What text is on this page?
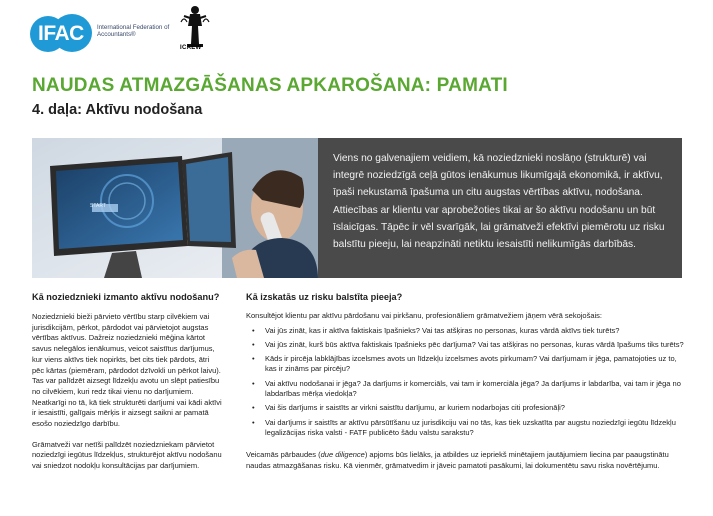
IFAC International Federation of Accountants®
ICAEW
NAUDAS ATMAZGĀŠANAS APKAROŠANA: PAMATI
4. daļa: Aktīvu nodošana
START

Viens no galvenajiem veidiem, kā noziedznieki noslāņo (strukturē) vai integrē noziedzīgā ceļā gūtos ienākumus likumīgajā ekonomikā, ir aktīvu, īpaši nekustamā īpašuma un citu augstas vērtības aktīvu, nodošana. Attiecības ar klientu var aprobežoties tikai ar šo aktīvu nodošanu un būt īslaicīgas. Tāpēc ir vēl svarīgāk, lai grāmatveži efektīvi piemērotu uz risku balstītu pieeju, lai neapzināti netiktu iesaistīti nelikumīgās darbībās.

Kā noziedznieki izmanto aktīvu nodošanu?

Noziedznieki bieži pārvieto vērtību starp cilvēkiem vai jurisdikcijām, pērkot, pārdodot vai pārvietojot augstas vērtības aktīvus. Dažreiz noziedznieki mēģina kārtot savus nelegālos ienākumus, veicot saistītus darījumus, kur viens aktīvs tiek nopirkts, bet cits tiek pārdots, ātri pēc kārtas (piemēram, pārdodot dzīvokli un pērkot laivu). Tas var palīdzēt aizsegt līdzekļu avotu un slēpt patiesību no cilvēkiem, kuri redz tikai vienu no darījumiem. Neatkarīgi no tā, kā tiek strukturēti darījumi vai kādi aktīvi ir iesaistīti, galīgais mērķis ir aizsegt saikni ar pamatā esošo noziedzīgo darbību.

Grāmatveži var netīši palīdzēt noziedzniekam pārvietot noziedzīgi iegūtus līdzekļus, strukturējot aktīvu nodošanu vai sniedzot nodokļu konsultācijas par darījumiem.

Kā izskatās uz risku balstīta pieeja?

Konsultējot klientu par aktīvu pārdošanu vai pirkšanu, profesionāliem grāmatvežiem jāņem vērā sekojošais:

• Vai jūs zināt, kas ir aktīva faktiskais īpašnieks? Vai tas atšķiras no personas, kuras vārdā aktīvs tiek turēts?
• Vai jūs zināt, kurš būs aktīva faktiskais īpašnieks pēc darījuma? Vai tas atšķiras no personas, kuras vārdā īpašums tiks turēts?
• Kāds ir pircēja labklājības izcelsmes avots un līdzekļu izcelsmes avots pirkumam? Vai darījumam ir jēga, pamatojoties uz to, kas ir zināms par pircēju?
• Vai aktīvu nodošanai ir jēga? Ja darījums ir komerciāls, vai tam ir komerciāla jēga? Ja darījums ir labdarība, vai tam ir jēga no labdarības mērķa viedokļa?
• Vai šis darījums ir saistīts ar virkni saistītu darījumu, ar kuriem nodarbojas citi profesionāļi?
• Vai darījums ir saistīts ar aktīvu pārsūtīšanu uz jurisdikciju vai no tās, kas tiek uzskatīta par augstu noziedzīgi iegūtu līdzekļu legalizācijas riska valsti - FATF publicēto šādu valstu sarakstu?

Veicamās pārbaudes (due diligence) apjoms būs lielāks, ja atbildes uz iepriekš minētajiem jautājumiem liecina par paaugstinātu naudas atmazgāšanas risku. Kā vienmēr, grāmatvedim ir jāveic pamatoti pasākumi, lai dokumentētu savu riska novērtējumu.
